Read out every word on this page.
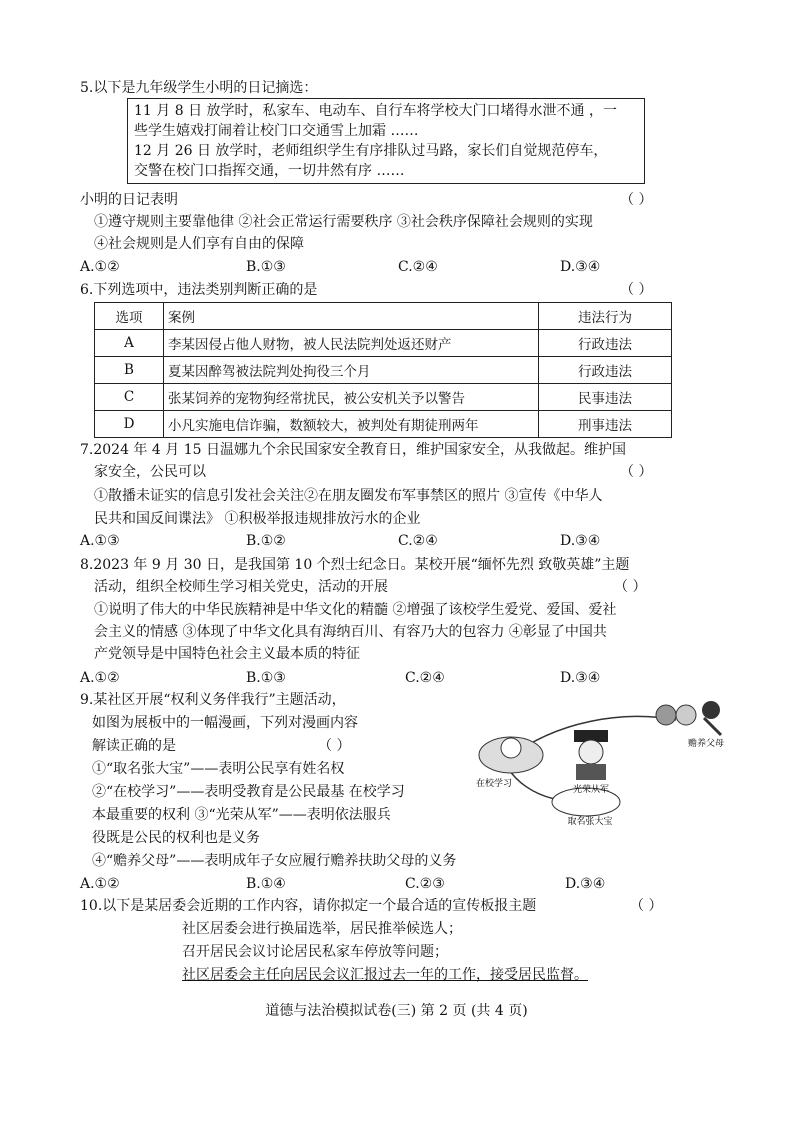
5.以下是九年级学生小明的日记摘选：
11 月 8 日 放学时，私家车、电动车、自行车将学校大门口堵得水泄不通 ，一
些学生嬉戏打闹着让校门口交通雪上加霜 ……
12 月 26 日 放学时，老师组织学生有序排队过马路，家长们自觉规范停车，
交警在校门口指挥交通，一切井然有序 ……
小明的日记表明	（ ）
①遵守规则主要靠他律 ②社会正常运行需要秩序 ③社会秩序保障社会规则的实现
④社会规则是人们享有自由的保障
A.①②	B.①③	C.②④	D.③④
6.下列选项中，违法类别判断正确的是	（ ）
选项	案例	违法行为
A	李某因侵占他人财物，被人民法院判处返还财产	行政违法
B	夏某因醉驾被法院判处拘役三个月	行政违法
C	张某饲养的宠物狗经常扰民，被公安机关予以警告	民事违法
D	小凡实施电信诈骗，数额较大，被判处有期徒刑两年	刑事违法
7.2024 年 4 月 15 日温娜九个余民国家安全教育日，维护国家安全，从我做起。维护国
家安全，公民可以	（ ）
①散播未证实的信息引发社会关注②在朋友圈发布军事禁区的照片 ③宣传《中华人
民共和国反间谍法》 ①积极举报违规排放污水的企业
A.①③	B.①②	C.②④	D.③④
8.2023 年 9 月 30 日，是我国第 10 个烈士纪念日。某校开展“缅怀先烈 致敬英雄”主题
活动，组织全校师生学习相关党史，活动的开展	（ ）
①说明了伟大的中华民族精神是中华文化的精髓 ②增强了该校学生爱党、爱国、爱社
会主义的情感 ③体现了中华文化具有海纳百川、有容乃大的包容力 ④彰显了中国共
产党领导是中国特色社会主义最本质的特征
A.①②	B.①③	C.②④	D.③④
9.某社区开展“权利义务伴我行”主题活动，
如图为展板中的一幅漫画，下列对漫画内容
解读正确的是	（ ）
①“取名张大宝”——表明公民享有姓名权
②“在校学习”——表明受教育是公民最基 在校学习
本最重要的权利 ③“光荣从军”——表明依法服兵
役既是公民的权利也是义务
④“赡养父母”——表明成年子女应履行赡养扶助父母的义务
赡养父母
光荣从军
在校学习
取名张大宝
A.①②	B.①④	C.②③	D.③④
10.以下是某居委会近期的工作内容，请你拟定一个最合适的宣传板报主题	（ ）
社区居委会进行换届选举，居民推举候选人；
召开居民会议讨论居民私家车停放等问题；
社区居委会主任向居民会议汇报过去一年的工作，接受居民监督。
道德与法治模拟试卷(三) 第 2 页 (共 4 页)
